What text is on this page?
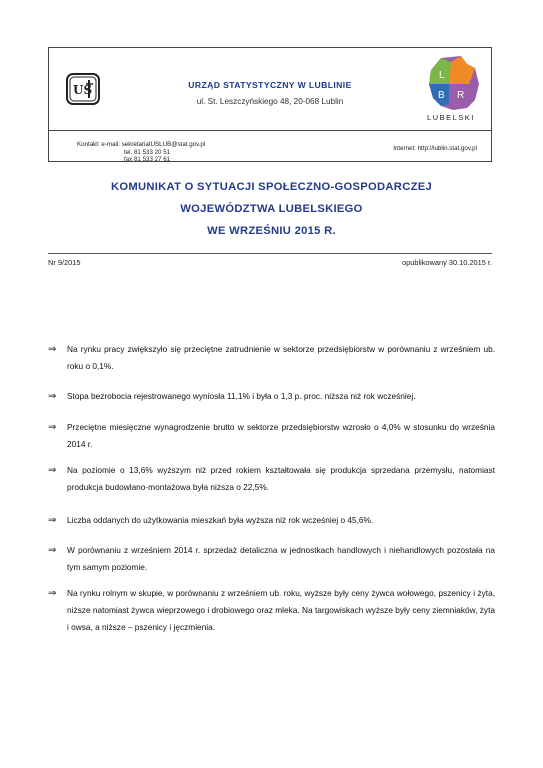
US	URZĄD STATYSTYCZNY W LUBLINIE
ul. St. Leszczyńskiego 48, 20-068 Lublin
L
B R
LUBELSKI
Kontakt: e-mail: sekretariatUSLUB@stat.gov.pl
tel. 81 533 20 51
fax 81 533 27 61
Internet: http://lublin.stat.gov.pl
KOMUNIKAT O SYTUACJI SPOŁECZNO-GOSPODARCZEJ
WOJEWÓDZTWA LUBELSKIEGO
WE WRZEŚNIU 2015 R.
Nr 9/2015	opublikowany 30.10.2015 r.
⇒ Na rynku pracy zwiększyło się przeciętne zatrudnienie w sektorze przedsiębiorstw w porównaniu z wrześniem ub. roku o 0,1%.
⇒ Stopa bezrobocia rejestrowanego wyniosła 11,1% i była o 1,3 p. proc. niższa niż rok wcześniej.
⇒ Przeciętne miesięczne wynagrodzenie brutto w sektorze przedsiębiorstw wzrosło o 4,0% w stosunku do września 2014 r.
⇒ Na poziomie o 13,6% wyższym niż przed rokiem kształtowała się produkcja sprzedana przemysłu, natomiast produkcja budowlano-montażowa była niższa o 22,5%.
⇒ Liczba oddanych do użytkowania mieszkań była wyższa niż rok wcześniej o 45,6%.
⇒ W porównaniu z wrześniem 2014 r. sprzedaż detaliczna w jednostkach handlowych i niehandlowych pozostała na tym samym poziomie.
⇒ Na rynku rolnym w skupie, w porównaniu z wrześniem ub. roku, wyższe były ceny żywca wołowego, pszenicy i żyta, niższe natomiast żywca wieprzowego i drobiowego oraz mleka. Na targowiskach wyższe były ceny ziemniaków, żyta i owsa, a niższe – pszenicy i jęczmienia.
